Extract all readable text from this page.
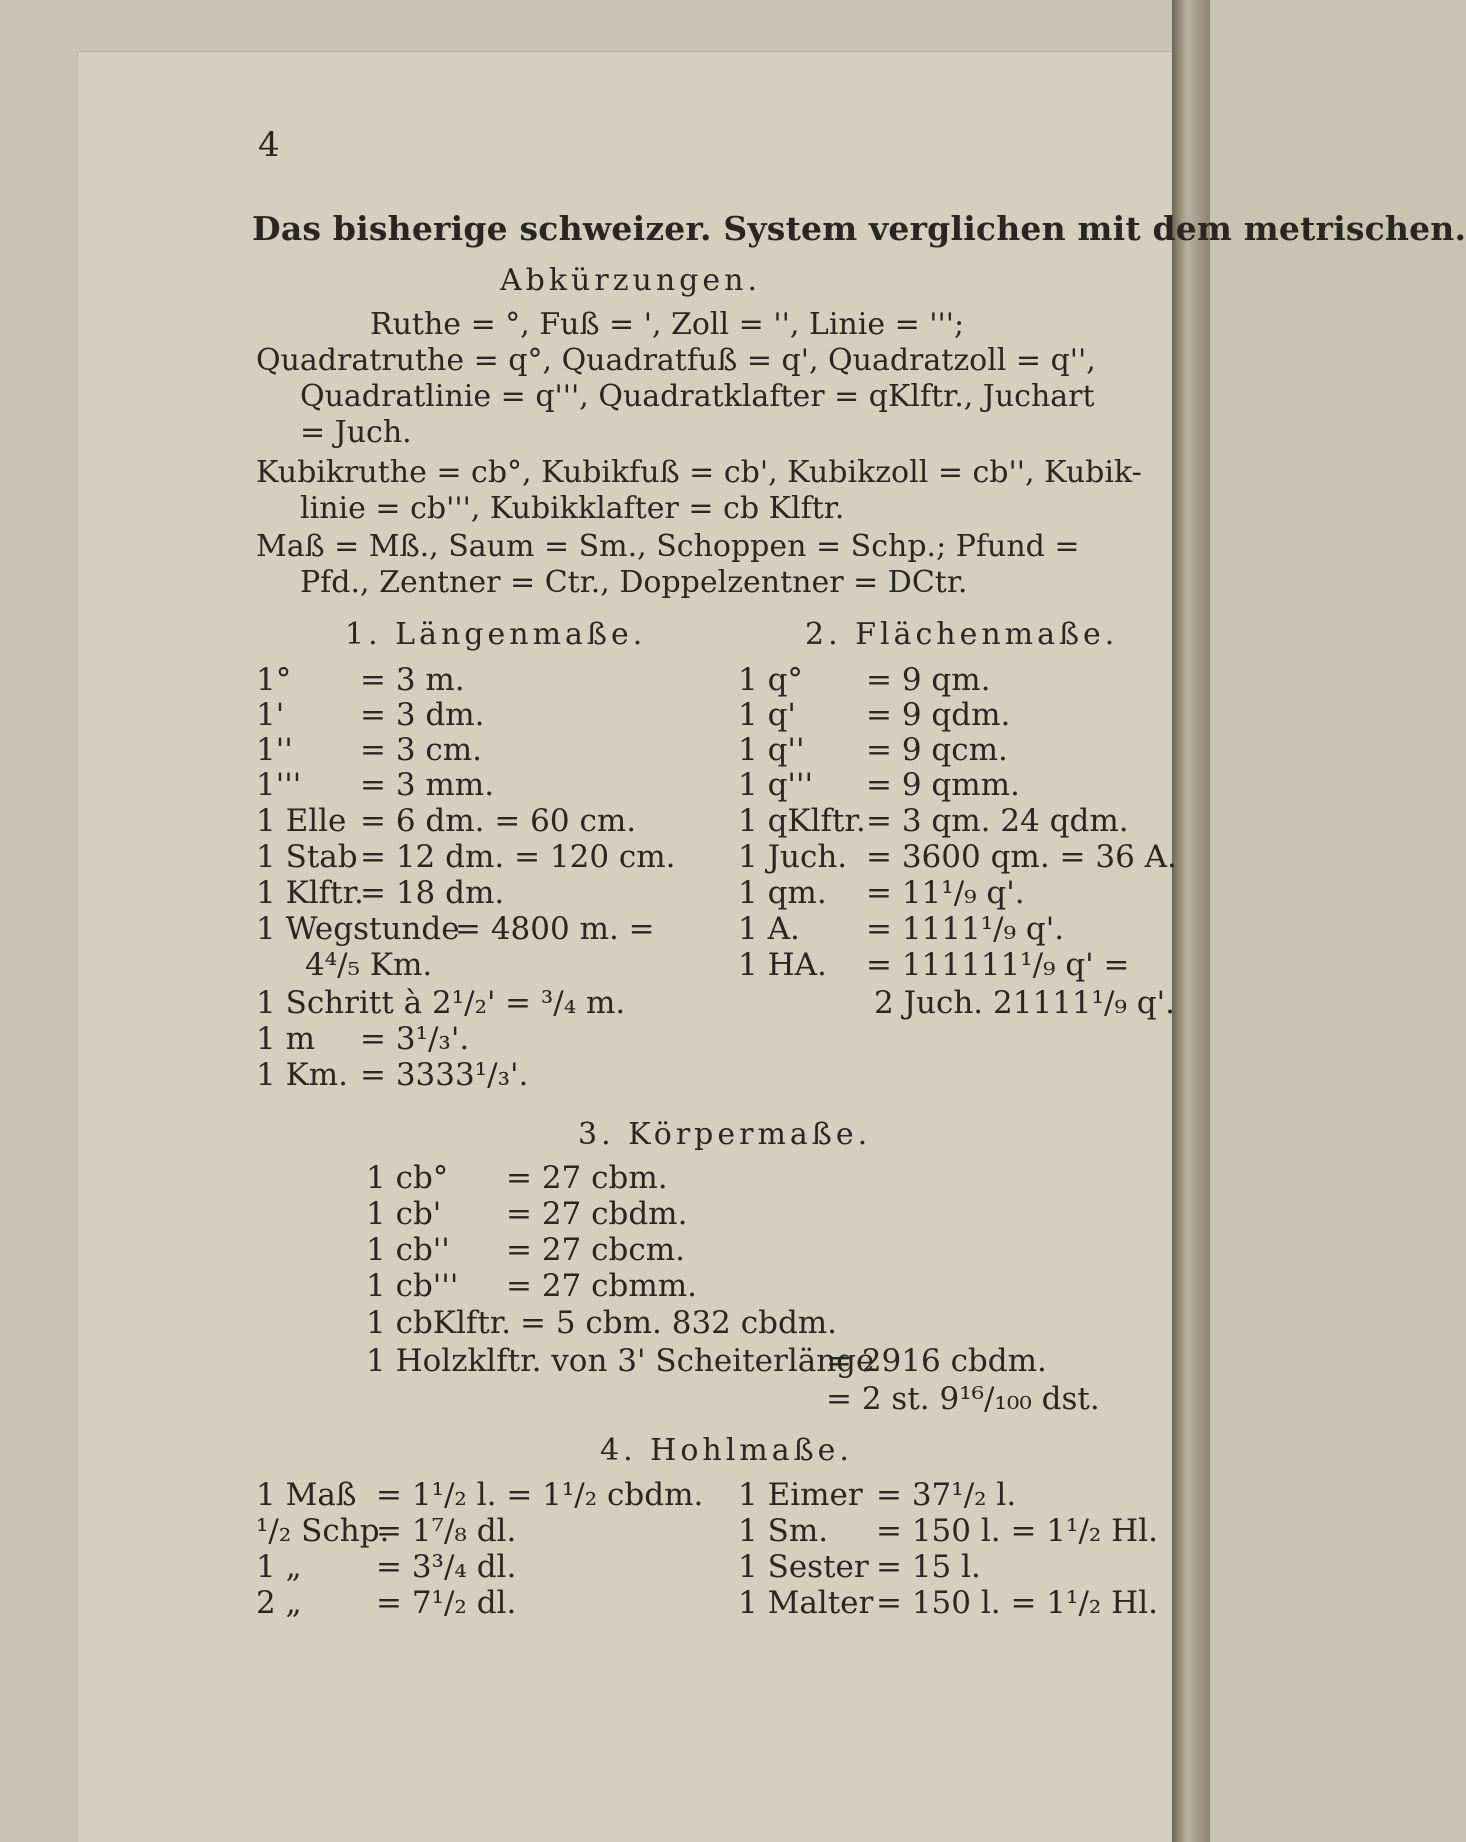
4
Das bisherige schweizer. System verglichen mit dem metrischen.
Abkürzungen.
Ruthe = °, Fuß = ', Zoll = '', Linie = ''';
Quadratruthe = q°, Quadratfuß = q', Quadratzoll = q'',
Quadratlinie = q''', Quadratklafter = qKlftr., Juchart
= Juch.
Kubikruthe = cb°, Kubikfuß = cb', Kubikzoll = cb'', Kubik-
linie = cb''', Kubikklafter = cb Klftr.
Maß = Mß., Saum = Sm., Schoppen = Schp.; Pfund =
Pfd., Zentner = Ctr., Doppelzentner = DCtr.
1. Längenmaße.	2. Flächenmaße.
1° = 3 m.
1' = 3 dm.
1'' = 3 cm.
1''' = 3 mm.
1 Elle = 6 dm. = 60 cm.
1 Stab = 12 dm. = 120 cm.
1 Klftr.
= 18 dm.
1 Wegstunde
= 4800 m. =
4⁴/₅ Km.
1 Schritt à 2¹/₂' = ³/₄ m.
1 m = 3¹/₃'.
1 Km. = 3333¹/₃'.
1 q° = 9 qm.
1 q' = 9 qdm.
1 q'' = 9 qcm.
1 q''' = 9 qmm.
1 qKlftr. = 3 qm. 24 qdm.
1 Juch. = 3600 qm. = 36 A.
1 qm. = 11¹/₉ q'.
1 A. = 1111¹/₉ q'.
1 HA. = 111111¹/₉ q' =
2 Juch. 21111¹/₉ q'.
3. Körpermaße.
1 cb° = 27 cbm.
1 cb' = 27 cbdm.
1 cb'' = 27 cbcm.
1 cb''' = 27 cbmm.
1 cbKlftr. = 5 cbm. 832 cbdm.
1 Holzklftr. von 3' Scheiterlänge
= 2916 cbdm.
= 2 st. 9¹⁶/₁₀₀ dst.
4. Hohlmaße.
1 Maß = 1¹/₂ l. = 1¹/₂ cbdm.
¹/₂ Schp.
= 1⁷/₈ dl.
1 „ = 3³/₄ dl.
2 „ = 7¹/₂ dl.
1 Eimer = 37¹/₂ l.
1 Sm. = 150 l. = 1¹/₂ Hl.
1 Sester = 15 l.
1 Malter = 150 l. = 1¹/₂ Hl.
